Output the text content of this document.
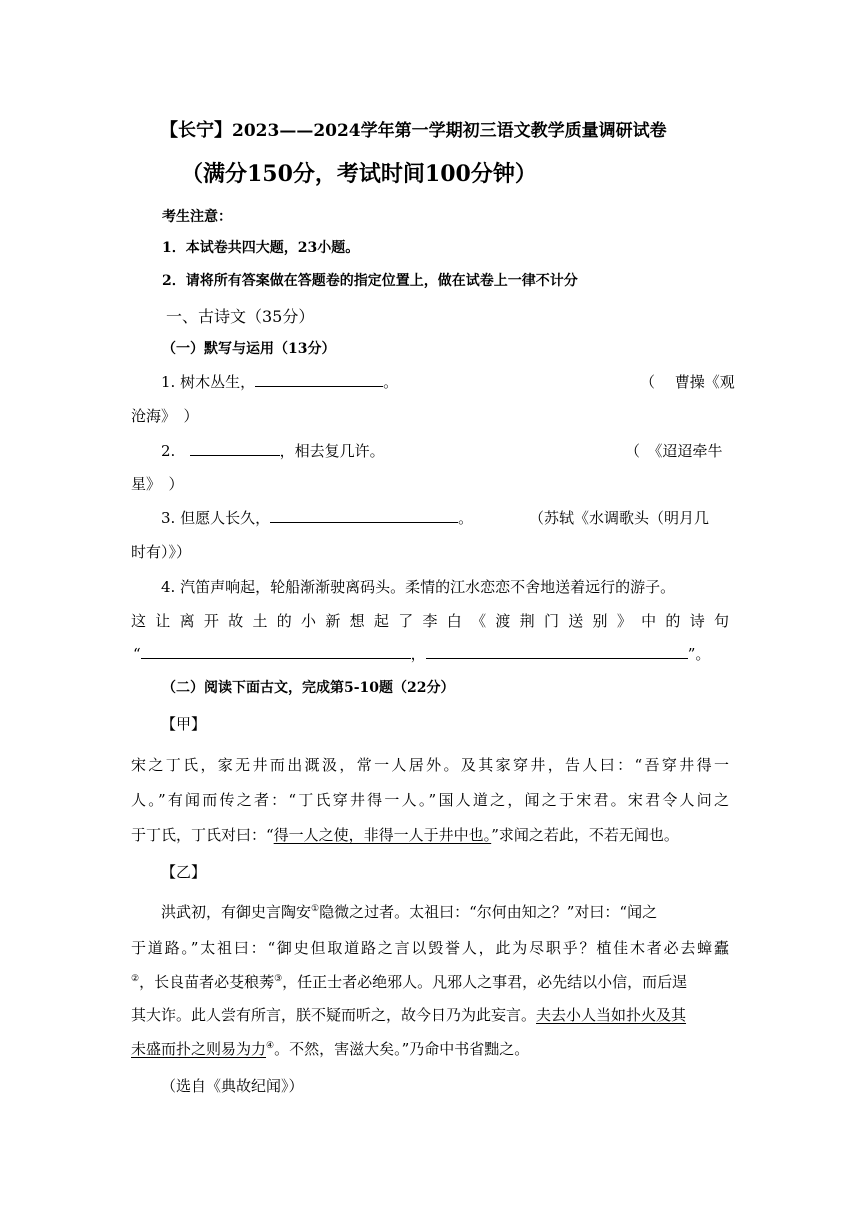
【长宁】2023——2024学年第一学期初三语文教学质量调研试卷
（满分150分，考试时间100分钟）
考生注意：
1．本试卷共四大题，23小题。
2．请将所有答案做在答题卷的指定位置上，做在试卷上一律不计分
一、古诗文（35分）
（一）默写与运用（13分）
1. 树木丛生，	。	（　 曹操《观
沧海》　）
2.	，相去复几许。	（　《迢迢牵牛
星》　）
3. 但愿人长久，	。	（苏轼《水调歌头（明月几
时有）》）
4. 汽笛声响起，轮船渐渐驶离码头。柔情的江水恋恋不舍地送着远行的游子。
这让离开故土的小新想起了李白《渡荆门送别》中的诗句
“	，	”。
（二）阅读下面古文，完成第5-10题（22分）
【甲】
宋之丁氏，家无井而出溉汲，常一人居外。及其家穿井，告人曰：“吾穿井得一
人。”有闻而传之者：“丁氏穿井得一人。”国人道之，闻之于宋君。宋君令人问之
于丁氏，丁氏对曰：“得一人之使，非得一人于井中也。”求闻之若此，不若无闻也。
【乙】
洪武初，有御史言陶安①隐微之过者。太祖曰：“尔何由知之？”对曰：“闻之
于道路。”太祖曰：“御史但取道路之言以毁誉人，此为尽职乎？植佳木者必去蟑蠹
②，长良苗者必芟稂莠③，任正士者必绝邪人。凡邪人之事君，必先结以小信，而后逞
其大诈。此人尝有所言，朕不疑而听之，故今日乃为此妄言。夫去小人当如扑火及其
未盛而扑之则易为力④。不然，害滋大矣。”乃命中书省黜之。
（选自《典故纪闻》）
